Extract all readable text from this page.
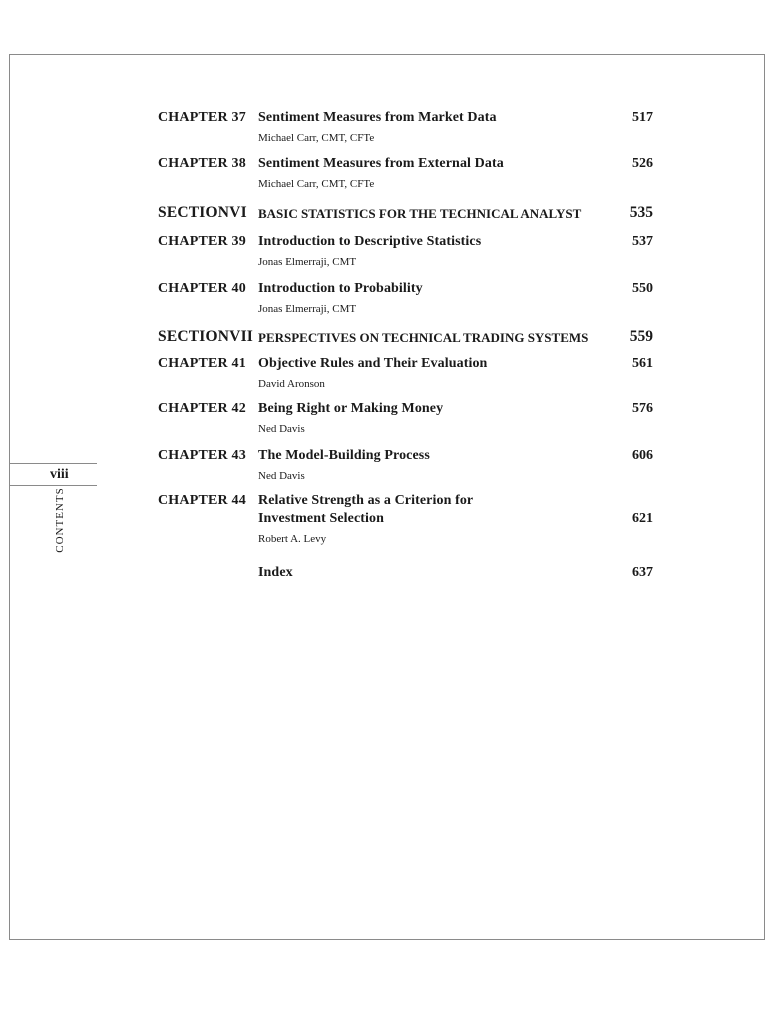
viii
CONTENTS
CHAPTER 37 Sentiment Measures from Market Data	517
Michael Carr, CMT, CFTe
CHAPTER 38 Sentiment Measures from External Data	526
Michael Carr, CMT, CFTe
SECTIONVI BASIC STATISTICS FOR THE TECHNICAL ANALYST	535
CHAPTER 39 Introduction to Descriptive Statistics	537
Jonas Elmerraji, CMT
CHAPTER 40 Introduction to Probability	550
Jonas Elmerraji, CMT
SECTIONVII PERSPECTIVES ON TECHNICAL TRADING SYSTEMS	559
CHAPTER 41 Objective Rules and Their Evaluation	561
David Aronson
CHAPTER 42 Being Right or Making Money	576
Ned Davis
CHAPTER 43 The Model-Building Process	606
Ned Davis
CHAPTER 44 Relative Strength as a Criterion for
Investment Selection	621
Robert A. Levy
Index	637
